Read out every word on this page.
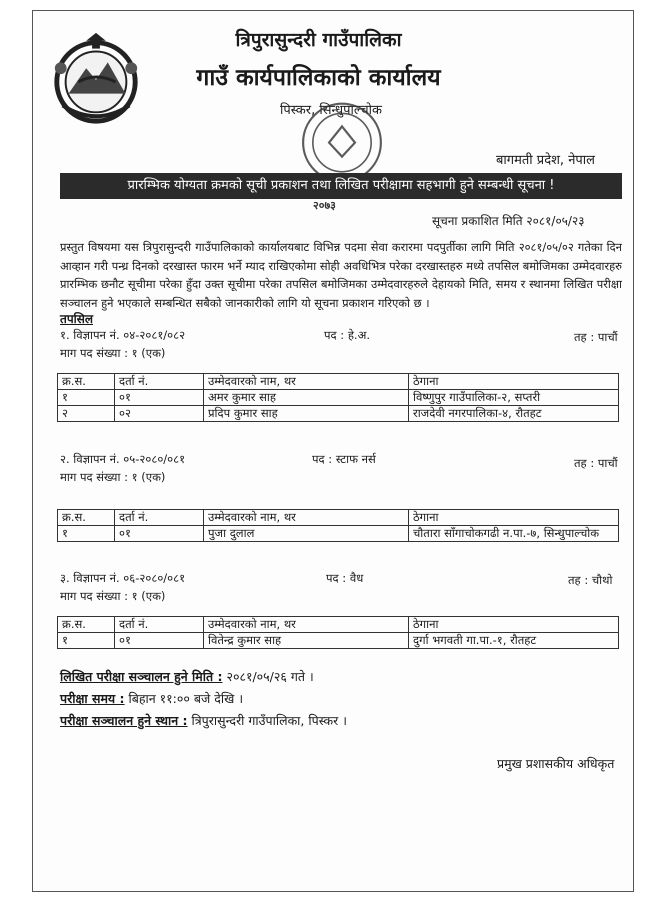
त्रिपुरासुन्दरी गाउँपालिका
गाउँ कार्यपालिकाको कार्यालय
पिस्कर, सिन्धुपाल्चोक
बागमती प्रदेश, नेपाल
२०७३
प्रारम्भिक योग्यता क्रमको सूची प्रकाशन तथा लिखित परीक्षामा सहभागी हुने सम्बन्धी सूचना !
सूचना प्रकाशित मिति २०८१/०५/२३
प्रस्तुत विषयमा यस त्रिपुरासुन्दरी गाउँपालिकाको कार्यालयबाट विभिन्न पदमा सेवा करारमा पदपुर्तीका लागि मिति २०८१/०५/०२ गतेका दिन आव्हान गरी पन्ध्र दिनको दरखास्त फारम भर्ने म्याद राखिएकोमा सोही अवधिभित्र परेका दरखास्तहरु मध्ये तपसिल बमोजिमका उम्मेदवारहरु प्रारम्भिक छनौट सूचीमा परेका हुँदा उक्त सूचीमा परेका तपसिल बमोजिमका उम्मेदवारहरुले देहायको मिति, समय र स्थानमा लिखित परीक्षा सञ्चालन हुने भएकाले सम्बन्धित सबैको जानकारीको लागि यो सूचना प्रकाशन गरिएको छ ।
तपसिल
१. विज्ञापन नं. ०४-२०८१/०८२	पद : हे.अ.	तह : पाचौं
माग पद संख्या : १ (एक)
क्र.स.	दर्ता नं.	उम्मेदवारको नाम, थर	ठेगाना
१	०१	अमर कुमार साह	विष्णुपुर गाउँपालिका-२, सप्तरी
२	०२	प्रदिप कुमार साह	राजदेवी नगरपालिका-४, रौतहट
२. विज्ञापन नं. ०५-२०८०/०८१	पद : स्टाफ नर्स	तह : पाचौं
माग पद संख्या : १ (एक)
क्र.स.	दर्ता नं.	उम्मेदवारको नाम, थर	ठेगाना
१	०१	पुजा दुलाल	चौतारा साँगाचोकगढी न.पा.-७, सिन्धुपाल्चोक
३. विज्ञापन नं. ०६-२०८०/०८१	पद : वैध	तह : चौथो
माग पद संख्या : १ (एक)
क्र.स.	दर्ता नं.	उम्मेदवारको नाम, थर	ठेगाना
१	०१	वितेन्द्र कुमार साह	दुर्गा भगवती गा.पा.-१, रौतहट
लिखित परीक्षा सञ्चालन हुने मिति : २०८१/०५/२६ गते ।
परीक्षा समय : बिहान ११:०० बजे देखि ।
परीक्षा सञ्चालन हुने स्थान : त्रिपुरासुन्दरी गाउँपालिका, पिस्कर ।
प्रमुख प्रशासकीय अधिकृत
